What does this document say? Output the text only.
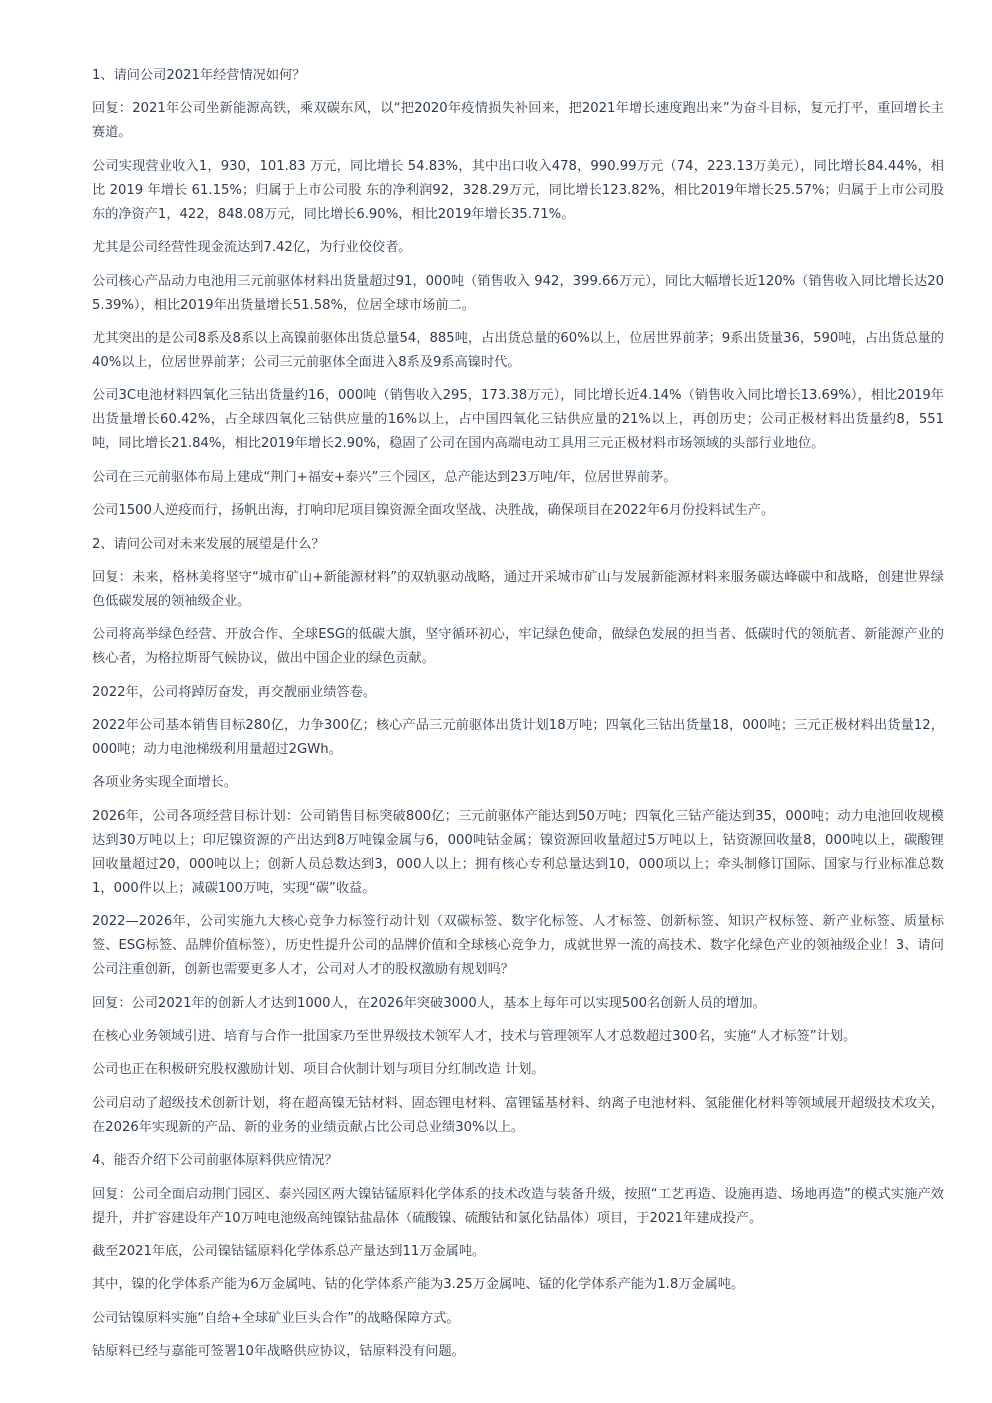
1、请问公司2021年经营情况如何？

回复：2021年公司坐新能源高铁，乘双碳东风，以“把2020年疫情损失补回来，把2021年增长速度跑出来”为奋斗目标，复元打平，重回增长主赛道。

公司实现营业收入1，930，101.83 万元，同比增长 54.83%，其中出口收入478，990.99万元（74，223.13万美元），同比增长84.44%，相比 2019 年增长 61.15%；归属于上市公司股 东的净利润92，328.29万元，同比增长123.82%，相比2019年增长25.57%；归属于上市公司股东的净资产1，422，848.08万元，同比增长6.90%，相比2019年增长35.71%。

尤其是公司经营性现金流达到7.42亿，为行业佼佼者。

公司核心产品动力电池用三元前驱体材料出货量超过91，000吨（销售收入 942，399.66万元），同比大幅增长近120%（销售收入同比增长达205.39%），相比2019年出货量增长51.58%，位居全球市场前二。

尤其突出的是公司8系及8系以上高镍前驱体出货总量54，885吨，占出货总量的60%以上，位居世界前茅；9系出货量36，590吨，占出货总量的40%以上，位居世界前茅；公司三元前驱体全面进入8系及9系高镍时代。

公司3C电池材料四氧化三钴出货量约16，000吨（销售收入295，173.38万元），同比增长近4.14%（销售收入同比增长13.69%），相比2019年出货量增长60.42%，占全球四氧化三钴供应量的16%以上，占中国四氧化三钴供应量的21%以上，再创历史；公司正极材料出货量约8，551吨，同比增长21.84%，相比2019年增长2.90%，稳固了公司在国内高端电动工具用三元正极材料市场领域的头部行业地位。

公司在三元前驱体布局上建成“荆门+福安+泰兴”三个园区，总产能达到23万吨/年，位居世界前茅。

公司1500人逆疫而行，扬帆出海，打响印尼项目镍资源全面攻坚战、决胜战，确保项目在2022年6月份投料试生产。

2、请问公司对未来发展的展望是什么？

回复：未来，格林美将坚守“城市矿山+新能源材料”的双轨驱动战略，通过开采城市矿山与发展新能源材料来服务碳达峰碳中和战略，创建世界绿色低碳发展的领袖级企业。

公司将高举绿色经营、开放合作、全球ESG的低碳大旗，坚守循环初心，牢记绿色使命，做绿色发展的担当者、低碳时代的领航者、新能源产业的核心者，为格拉斯哥气候协议，做出中国企业的绿色贡献。

2022年，公司将踔厉奋发，再交靓丽业绩答卷。

2022年公司基本销售目标280亿，力争300亿；核心产品三元前驱体出货计划18万吨；四氧化三钴出货量18，000吨；三元正极材料出货量12，000吨；动力电池梯级利用量超过2GWh。

各项业务实现全面增长。

2026年，公司各项经营目标计划：公司销售目标突破800亿；三元前驱体产能达到50万吨；四氧化三钴产能达到35，000吨；动力电池回收规模达到30万吨以上；印尼镍资源的产出达到8万吨镍金属与6，000吨钴金属；镍资源回收量超过5万吨以上，钴资源回收量8，000吨以上，碳酸锂回收量超过20，000吨以上；创新人员总数达到3，000人以上；拥有核心专利总量达到10，000项以上；牵头制修订国际、国家与行业标准总数1，000件以上；减碳100万吨，实现“碳”收益。

2022—2026年，公司实施九大核心竞争力标签行动计划（双碳标签、数字化标签、人才标签、创新标签、知识产权标签、新产业标签、质量标签、ESG标签、品牌价值标签），历史性提升公司的品牌价值和全球核心竞争力，成就世界一流的高技术、数字化绿色产业的领袖级企业！3、请问公司注重创新，创新也需要更多人才，公司对人才的股权激励有规划吗？

回复：公司2021年的创新人才达到1000人，在2026年突破3000人，基本上每年可以实现500名创新人员的增加。

在核心业务领域引进、培育与合作一批国家乃至世界级技术领军人才，技术与管理领军人才总数超过300名，实施“人才标签”计划。

公司也正在积极研究股权激励计划、项目合伙制计划与项目分红制改造 计划。

公司启动了超级技术创新计划，将在超高镍无钴材料、固态锂电材料、富锂锰基材料、纳离子电池材料、氢能催化材料等领域展开超级技术攻关，在2026年实现新的产品、新的业务的业绩贡献占比公司总业绩30%以上。

4、能否介绍下公司前驱体原料供应情况？

回复：公司全面启动荆门园区、泰兴园区两大镍钴锰原料化学体系的技术改造与装备升级，按照“工艺再造、设施再造、场地再造”的模式实施产效提升，并扩容建设年产10万吨电池级高纯镍钴盐晶体（硫酸镍、硫酸钴和氯化钴晶体）项目，于2021年建成投产。

截至2021年底，公司镍钴锰原料化学体系总产量达到11万金属吨。

其中，镍的化学体系产能为6万金属吨、钴的化学体系产能为3.25万金属吨、锰的化学体系产能为1.8万金属吨。

公司钴镍原料实施“自给+全球矿业巨头合作”的战略保障方式。

钴原料已经与嘉能可签署10年战略供应协议，钴原料没有问题。
